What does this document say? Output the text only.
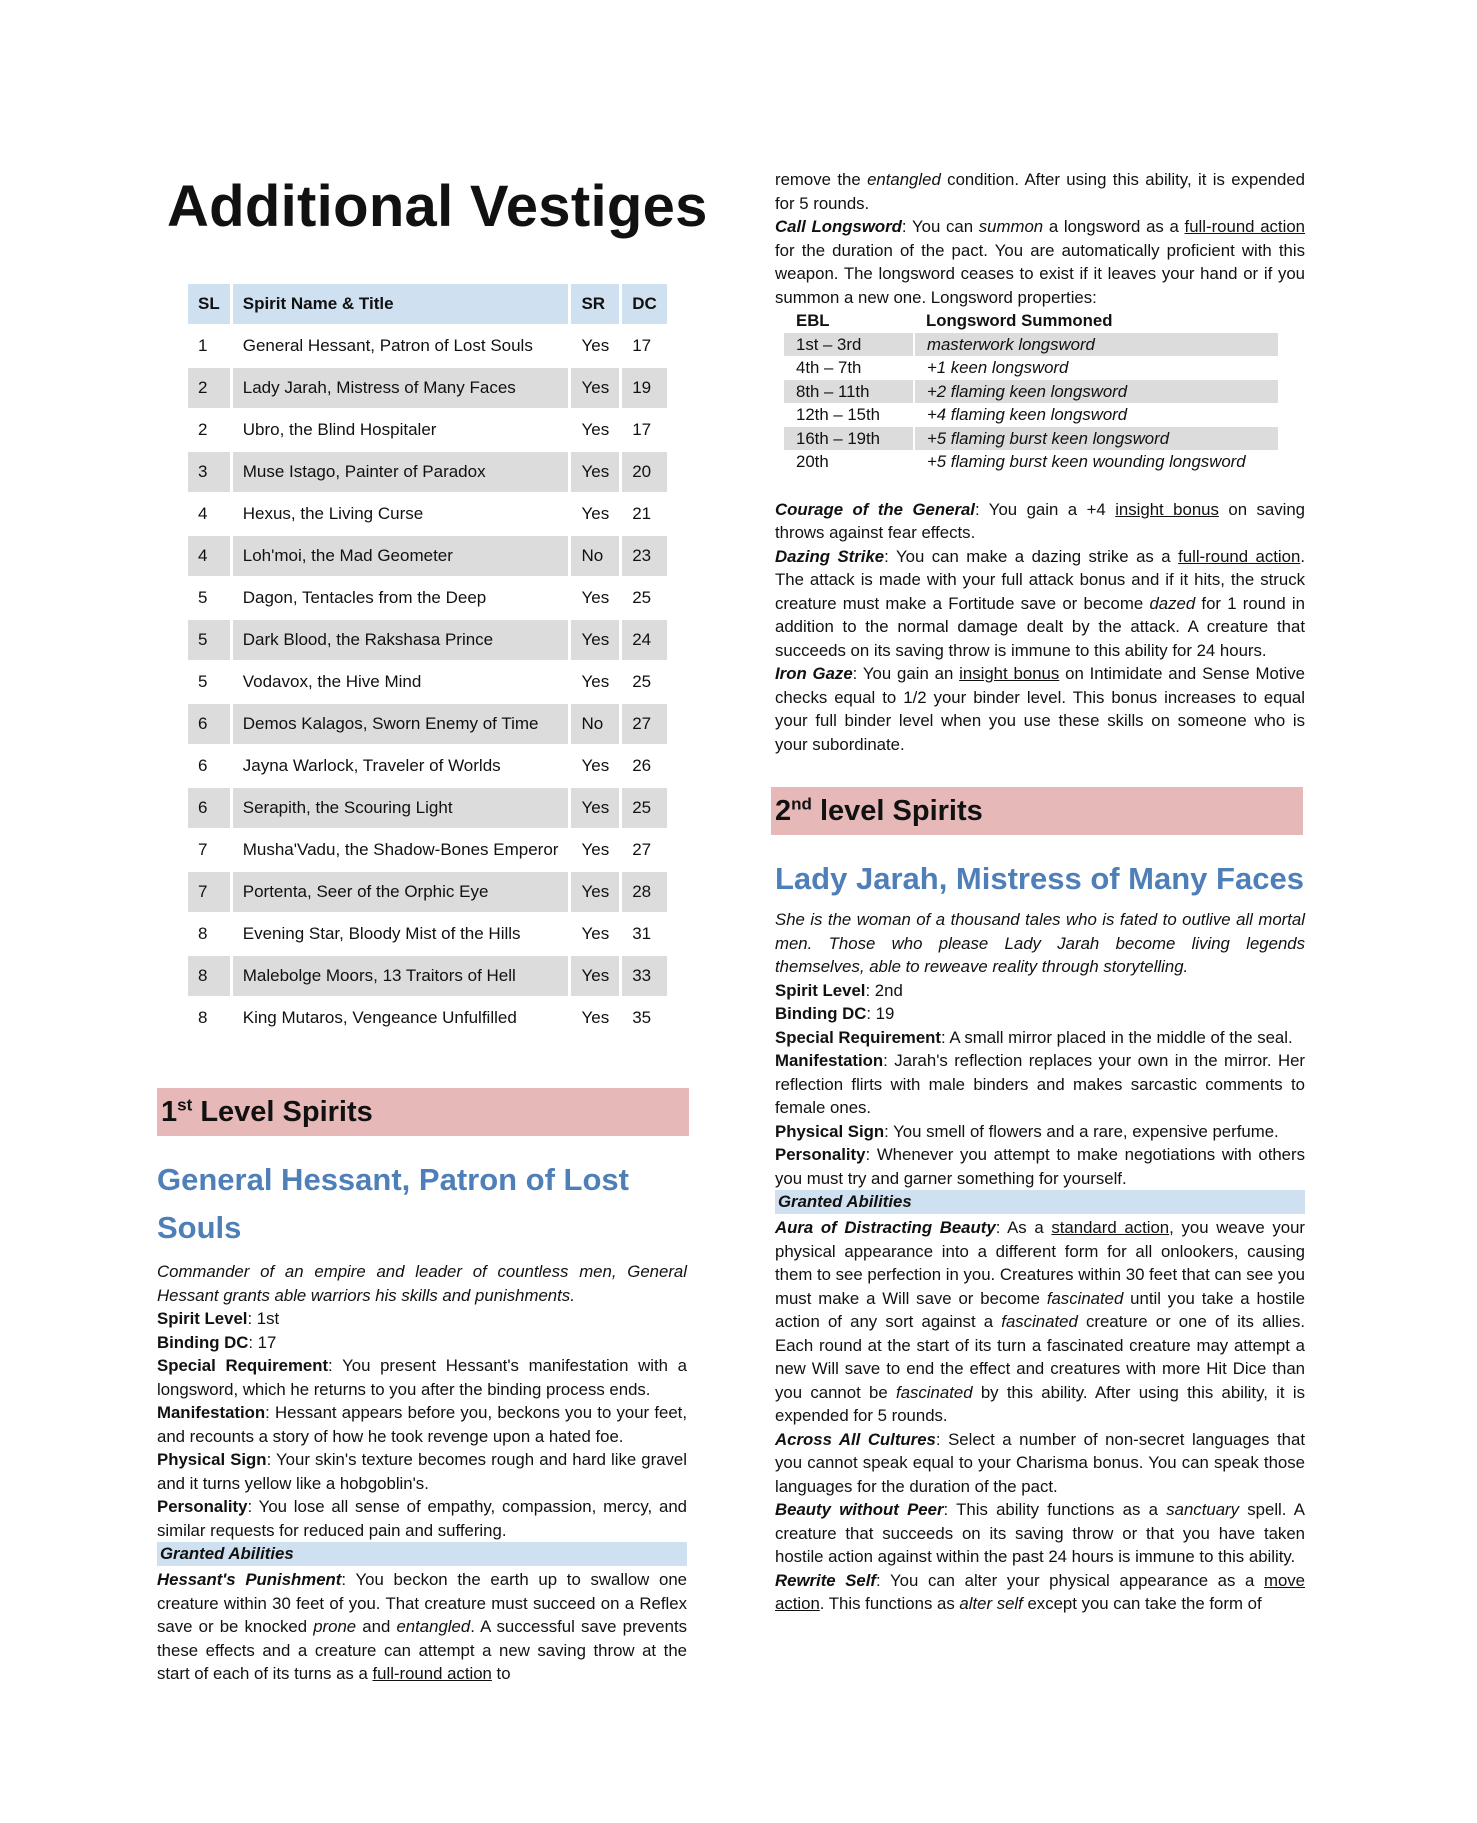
Additional Vestiges
SL	Spirit Name & Title	SR	DC
1	General Hessant, Patron of Lost Souls	Yes	17
2	Lady Jarah, Mistress of Many Faces	Yes	19
2	Ubro, the Blind Hospitaler	Yes	17
3	Muse Istago, Painter of Paradox	Yes	20
4	Hexus, the Living Curse	Yes	21
4	Loh'moi, the Mad Geometer	No	23
5	Dagon, Tentacles from the Deep	Yes	25
5	Dark Blood, the Rakshasa Prince	Yes	24
5	Vodavox, the Hive Mind	Yes	25
6	Demos Kalagos, Sworn Enemy of Time	No	27
6	Jayna Warlock, Traveler of Worlds	Yes	26
6	Serapith, the Scouring Light	Yes	25
7	Musha'Vadu, the Shadow-Bones Emperor	Yes	27
7	Portenta, Seer of the Orphic Eye	Yes	28
8	Evening Star, Bloody Mist of the Hills	Yes	31
8	Malebolge Moors, 13 Traitors of Hell	Yes	33
8	King Mutaros, Vengeance Unfulfilled	Yes	35
1st Level Spirits
General Hessant, Patron of Lost Souls
Commander of an empire and leader of countless men, General Hessant grants able warriors his skills and punishments.
Spirit Level: 1st
Binding DC: 17
Special Requirement: You present Hessant's manifestation with a longsword, which he returns to you after the binding process ends.
Manifestation: Hessant appears before you, beckons you to your feet, and recounts a story of how he took revenge upon a hated foe.
Physical Sign: Your skin's texture becomes rough and hard like gravel and it turns yellow like a hobgoblin's.
Personality: You lose all sense of empathy, compassion, mercy, and similar requests for reduced pain and suffering.
Granted Abilities
Hessant's Punishment: You beckon the earth up to swallow one creature within 30 feet of you. That creature must succeed on a Reflex save or be knocked prone and entangled. A successful save prevents these effects and a creature can attempt a new saving throw at the start of each of its turns as a full-round action to
remove the entangled condition. After using this ability, it is expended for 5 rounds.
Call Longsword: You can summon a longsword as a full-round action for the duration of the pact. You are automatically proficient with this weapon. The longsword ceases to exist if it leaves your hand or if you summon a new one. Longsword properties:
EBL	Longsword Summoned
1st – 3rd	masterwork longsword
4th – 7th	+1 keen longsword
8th – 11th	+2 flaming keen longsword
12th – 15th	+4 flaming keen longsword
16th – 19th	+5 flaming burst keen longsword
20th	+5 flaming burst keen wounding longsword
Courage of the General: You gain a +4 insight bonus on saving throws against fear effects.
Dazing Strike: You can make a dazing strike as a full-round action. The attack is made with your full attack bonus and if it hits, the struck creature must make a Fortitude save or become dazed for 1 round in addition to the normal damage dealt by the attack. A creature that succeeds on its saving throw is immune to this ability for 24 hours.
Iron Gaze: You gain an insight bonus on Intimidate and Sense Motive checks equal to 1/2 your binder level. This bonus increases to equal your full binder level when you use these skills on someone who is your subordinate.
2nd level Spirits
Lady Jarah, Mistress of Many Faces
She is the woman of a thousand tales who is fated to outlive all mortal men. Those who please Lady Jarah become living legends themselves, able to reweave reality through storytelling.
Spirit Level: 2nd
Binding DC: 19
Special Requirement: A small mirror placed in the middle of the seal.
Manifestation: Jarah's reflection replaces your own in the mirror. Her reflection flirts with male binders and makes sarcastic comments to female ones.
Physical Sign: You smell of flowers and a rare, expensive perfume.
Personality: Whenever you attempt to make negotiations with others you must try and garner something for yourself.
Granted Abilities
Aura of Distracting Beauty: As a standard action, you weave your physical appearance into a different form for all onlookers, causing them to see perfection in you. Creatures within 30 feet that can see you must make a Will save or become fascinated until you take a hostile action of any sort against a fascinated creature or one of its allies. Each round at the start of its turn a fascinated creature may attempt a new Will save to end the effect and creatures with more Hit Dice than you cannot be fascinated by this ability. After using this ability, it is expended for 5 rounds.
Across All Cultures: Select a number of non-secret languages that you cannot speak equal to your Charisma bonus. You can speak those languages for the duration of the pact.
Beauty without Peer: This ability functions as a sanctuary spell. A creature that succeeds on its saving throw or that you have taken hostile action against within the past 24 hours is immune to this ability.
Rewrite Self: You can alter your physical appearance as a move action. This functions as alter self except you can take the form of
